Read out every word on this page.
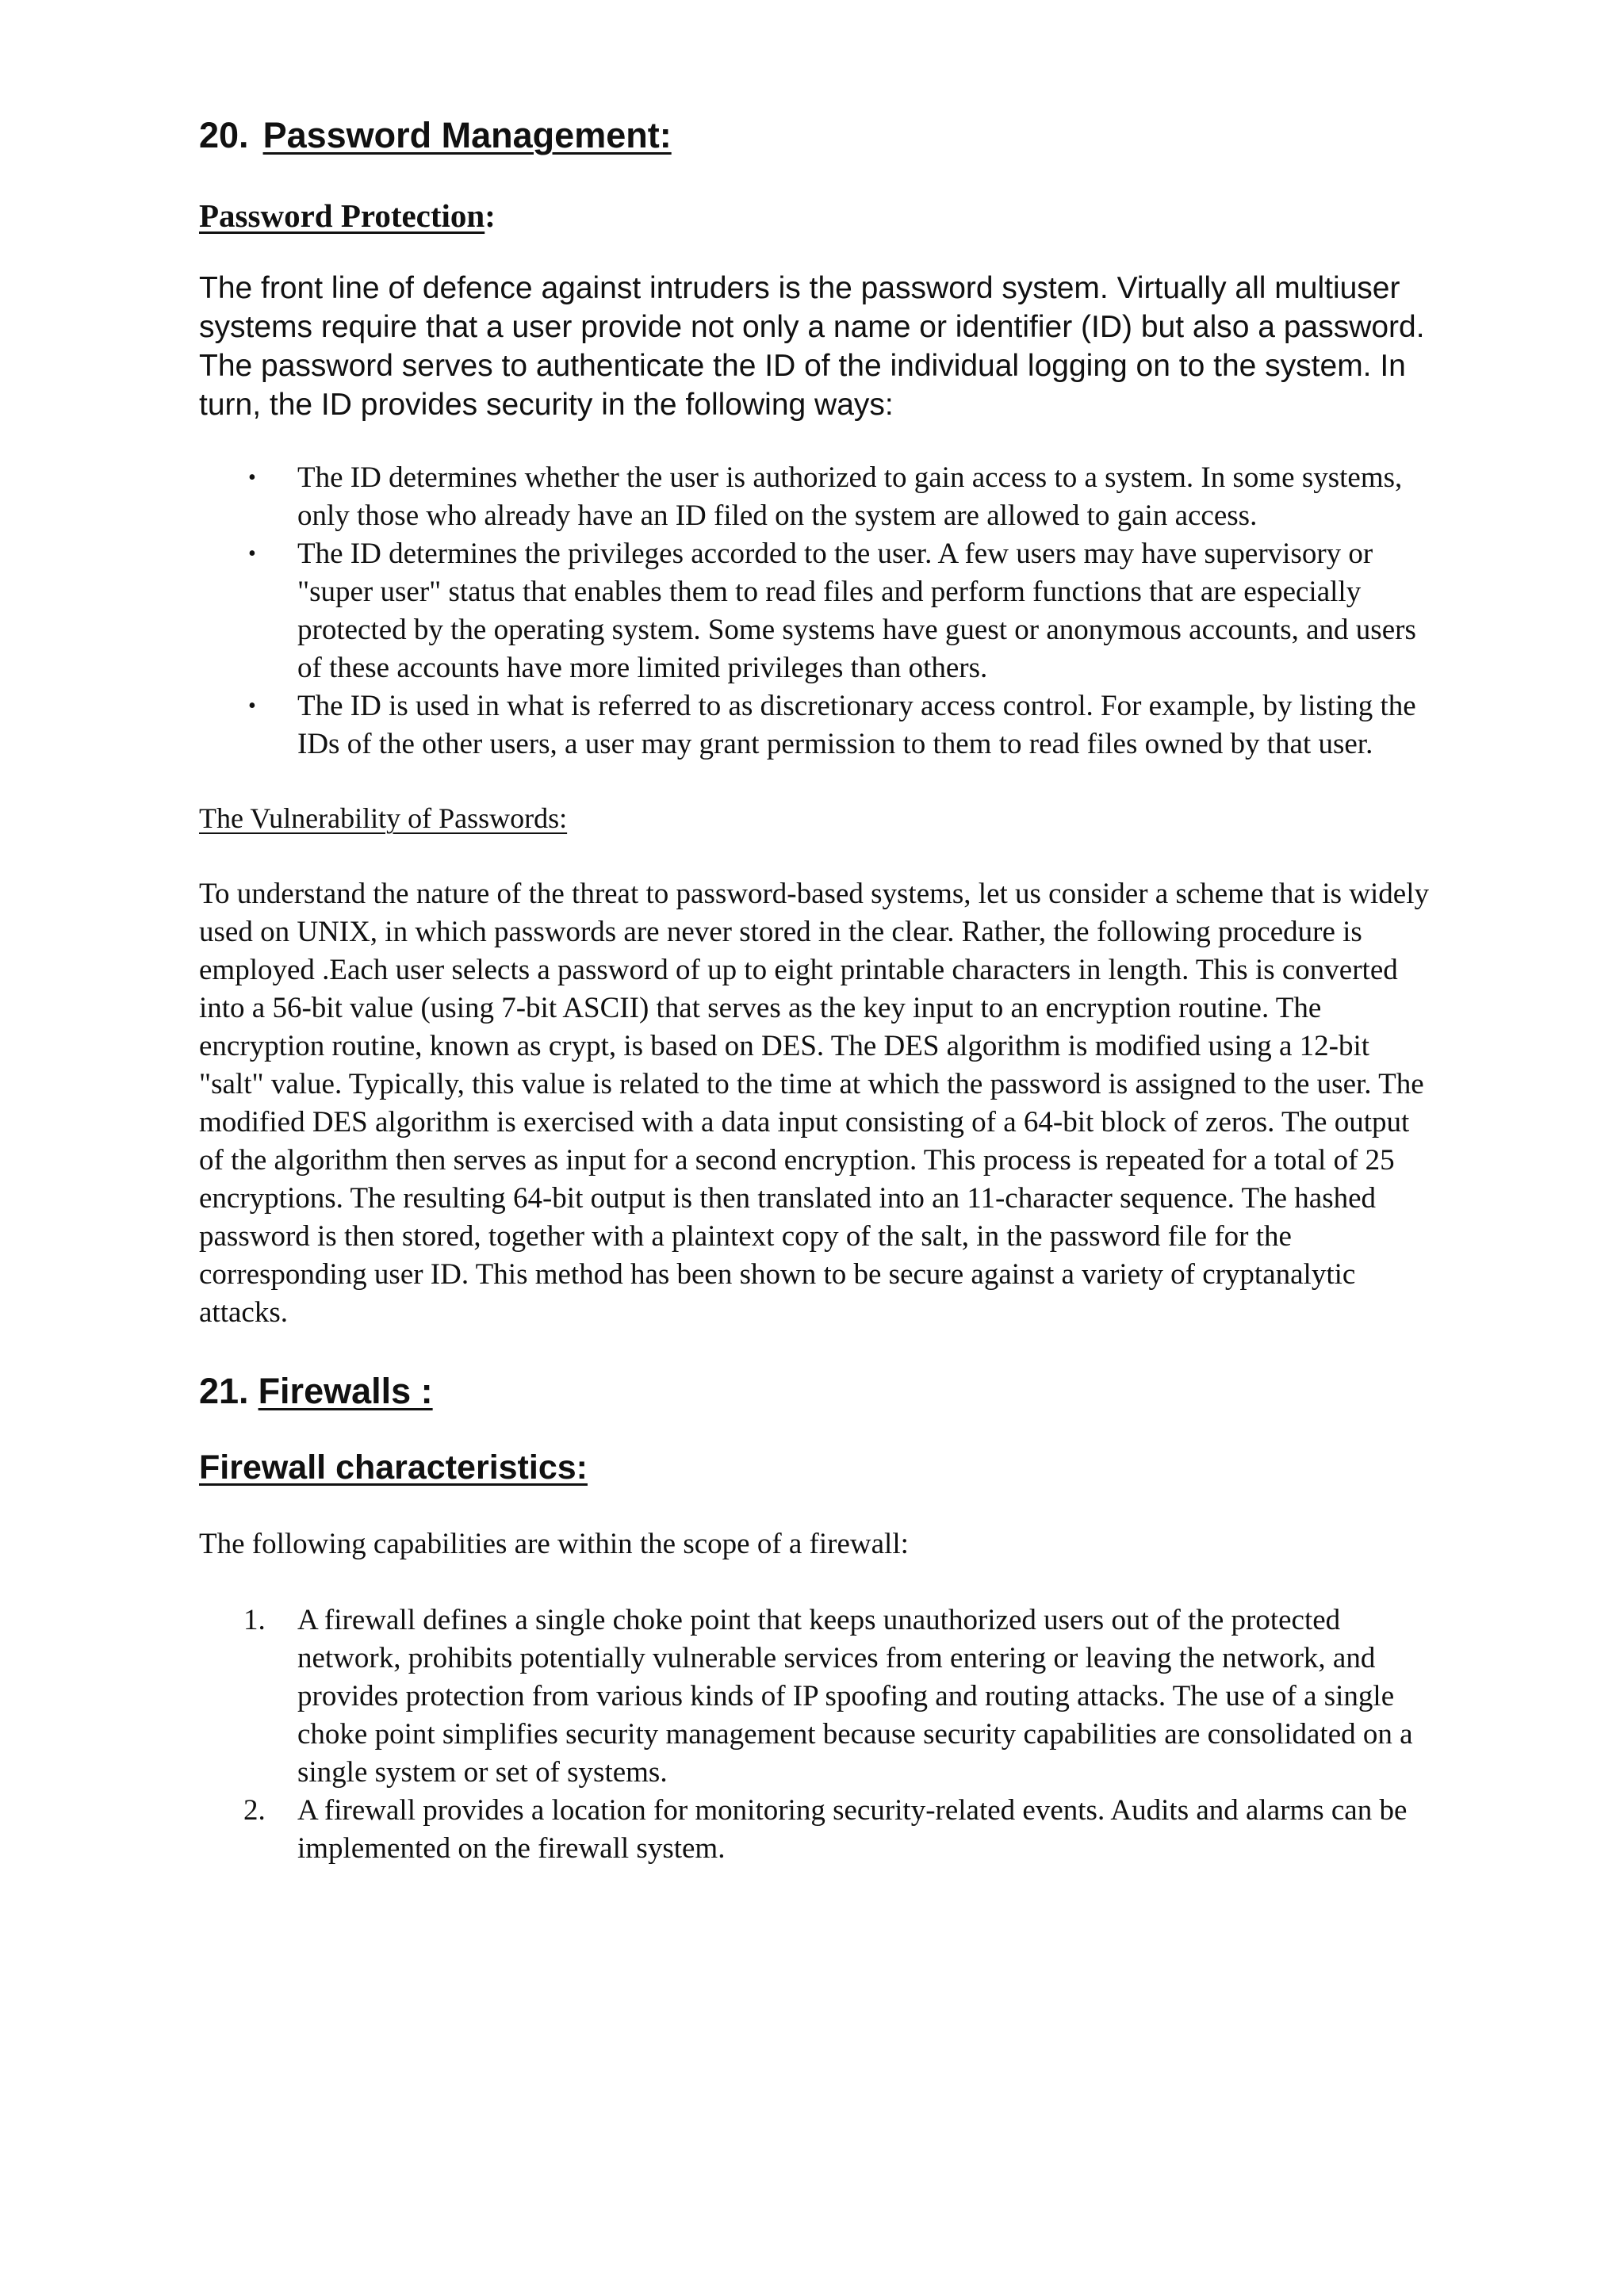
20. Password Management:
Password Protection:

The front line of defence against intruders is the password system. Virtually all multiuser systems require that a user provide not only a name or identifier (ID) but also a password. The password serves to authenticate the ID of the individual logging on to the system. In turn, the ID provides security in the following ways:

• The ID determines whether the user is authorized to gain access to a system. In some systems, only those who already have an ID filed on the system are allowed to gain access.
• The ID determines the privileges accorded to the user. A few users may have supervisory or "super user" status that enables them to read files and perform functions that are especially protected by the operating system. Some systems have guest or anonymous accounts, and users of these accounts have more limited privileges than others.
• The ID is used in what is referred to as discretionary access control. For example, by listing the IDs of the other users, a user may grant permission to them to read files owned by that user.
The Vulnerability of Passwords:

To understand the nature of the threat to password-based systems, let us consider a scheme that is widely used on UNIX, in which passwords are never stored in the clear. Rather, the following procedure is employed .Each user selects a password of up to eight printable characters in length. This is converted into a 56-bit value (using 7-bit ASCII) that serves as the key input to an encryption routine. The encryption routine, known as crypt, is based on DES. The DES algorithm is modified using a 12-bit "salt" value. Typically, this value is related to the time at which the password is assigned to the user. The modified DES algorithm is exercised with a data input consisting of a 64-bit block of zeros. The output of the algorithm then serves as input for a second encryption. This process is repeated for a total of 25 encryptions. The resulting 64-bit output is then translated into an 11-character sequence. The hashed password is then stored, together with a plaintext copy of the salt, in the password file for the corresponding user ID. This method has been shown to be secure against a variety of cryptanalytic attacks.

21. Firewalls :
Firewall characteristics:

The following capabilities are within the scope of a firewall:

1. A firewall defines a single choke point that keeps unauthorized users out of the protected network, prohibits potentially vulnerable services from entering or leaving the network, and provides protection from various kinds of IP spoofing and routing attacks. The use of a single choke point simplifies security management because security capabilities are consolidated on a single system or set of systems.
2. A firewall provides a location for monitoring security-related events. Audits and alarms can be implemented on the firewall system.
